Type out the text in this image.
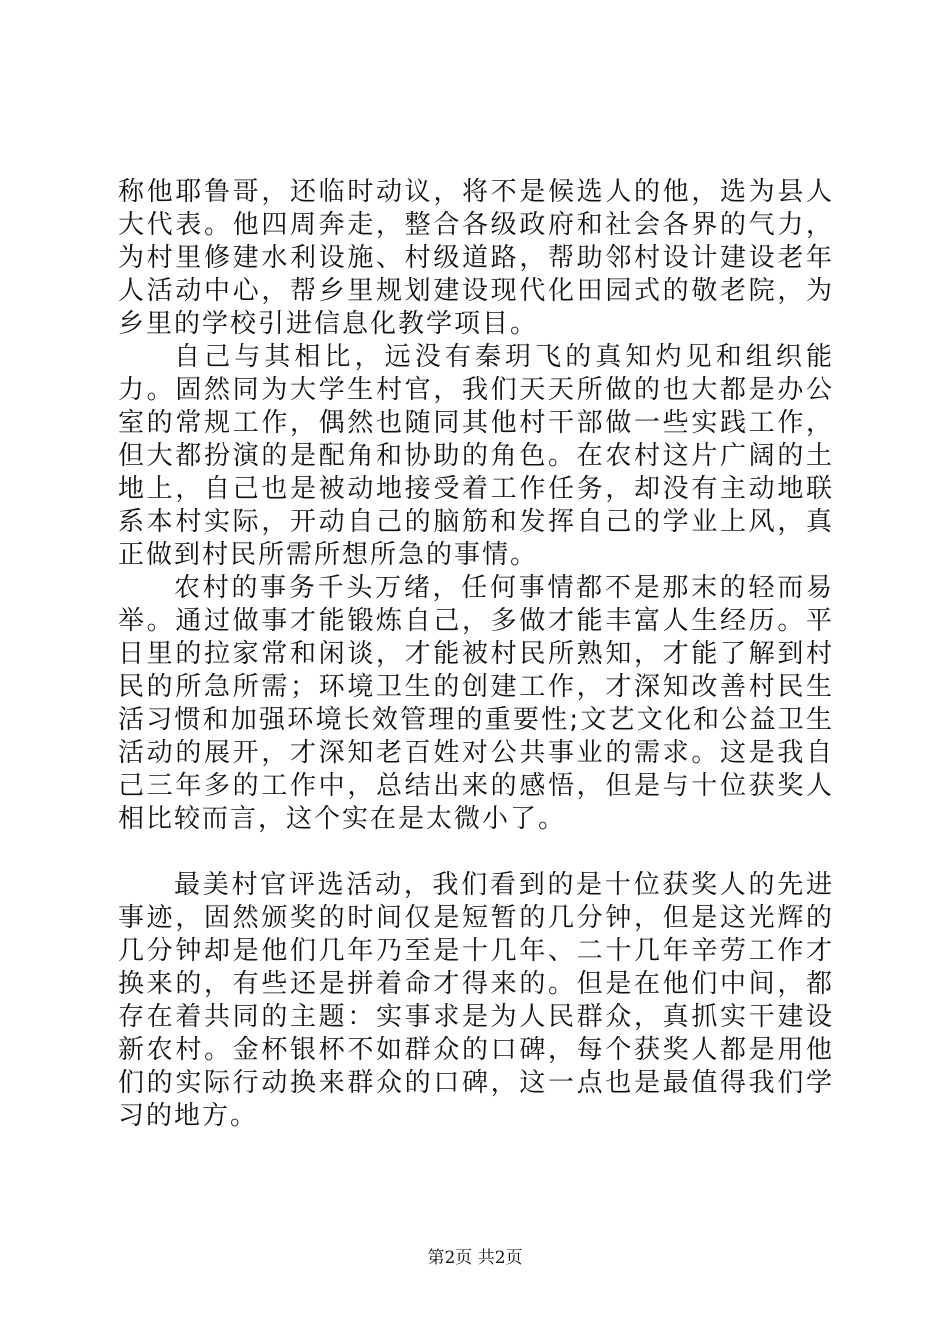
称他耶鲁哥，还临时动议，将不是候选人的他，选为县人大代表。他四周奔走，整合各级政府和社会各界的气力，为村里修建水利设施、村级道路，帮助邻村设计建设老年人活动中心，帮乡里规划建设现代化田园式的敬老院，为乡里的学校引进信息化教学项目。

自己与其相比，远没有秦玥飞的真知灼见和组织能力。固然同为大学生村官，我们天天所做的也大都是办公室的常规工作，偶然也随同其他村干部做一些实践工作，但大都扮演的是配角和协助的角色。在农村这片广阔的土地上，自己也是被动地接受着工作任务，却没有主动地联系本村实际，开动自己的脑筋和发挥自己的学业上风，真正做到村民所需所想所急的事情。

农村的事务千头万绪，任何事情都不是那末的轻而易举。通过做事才能锻炼自己，多做才能丰富人生经历。平日里的拉家常和闲谈，才能被村民所熟知，才能了解到村民的所急所需；环境卫生的创建工作，才深知改善村民生活习惯和加强环境长效管理的重要性;文艺文化和公益卫生活动的展开，才深知老百姓对公共事业的需求。这是我自己三年多的工作中，总结出来的感悟，但是与十位获奖人相比较而言，这个实在是太微小了。

最美村官评选活动，我们看到的是十位获奖人的先进事迹，固然颁奖的时间仅是短暂的几分钟，但是这光辉的几分钟却是他们几年乃至是十几年、二十几年辛劳工作才换来的，有些还是拼着命才得来的。但是在他们中间，都存在着共同的主题：实事求是为人民群众，真抓实干建设新农村。金杯银杯不如群众的口碑，每个获奖人都是用他们的实际行动换来群众的口碑，这一点也是最值得我们学习的地方。

第2页 共2页
